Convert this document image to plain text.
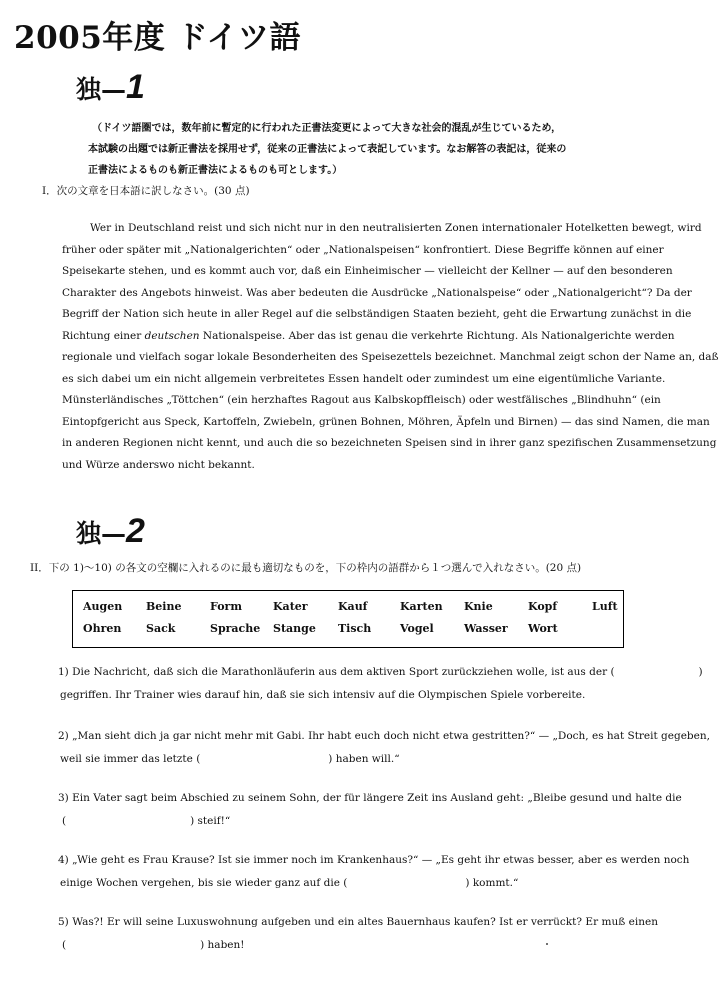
2005年度 ドイツ語
独—1
（ドイツ語圏では，数年前に暫定的に行われた正書法変更によって大きな社会的混乱が生じているため，
本試験の出題では新正書法を採用せず，従来の正書法によって表記しています。なお解答の表記は，従来の
正書法によるものも新正書法によるものも可とします。）
I．次の文章を日本語に訳しなさい。(30 点)
Wer in Deutschland reist und sich nicht nur in den neutralisierten Zonen internationaler Hotelketten bewegt, wird
früher oder später mit „Nationalgerichten“ oder „Nationalspeisen“ konfrontiert. Diese Begriffe können auf einer
Speisekarte stehen, und es kommt auch vor, daß ein Einheimischer — vielleicht der Kellner — auf den besonderen
Charakter des Angebots hinweist. Was aber bedeuten die Ausdrücke „Nationalspeise“ oder „Nationalgericht“? Da der
Begriff der Nation sich heute in aller Regel auf die selbständigen Staaten bezieht, geht die Erwartung zunächst in die
Richtung einer deutschen Nationalspeise. Aber das ist genau die verkehrte Richtung. Als Nationalgerichte werden
regionale und vielfach sogar lokale Besonderheiten des Speisezettels bezeichnet. Manchmal zeigt schon der Name an, daß
es sich dabei um ein nicht allgemein verbreitetes Essen handelt oder zumindest um eine eigentümliche Variante.
Münsterländisches „Töttchen“ (ein herzhaftes Ragout aus Kalbskopffleisch) oder westfälisches „Blindhuhn“ (ein
Eintopfgericht aus Speck, Kartoffeln, Zwiebeln, grünen Bohnen, Möhren, Äpfeln und Birnen) — das sind Namen, die man
in anderen Regionen nicht kennt, und auch die so bezeichneten Speisen sind in ihrer ganz spezifischen Zusammensetzung
und Würze anderswo nicht bekannt.
独—2
II．下の 1)～10) の各文の空欄に入れるのに最も適切なものを，下の枠内の語群から１つ選んで入れなさい。(20 点)
Augen Beine	Form	Kater	Kauf	Karten Knie	Kopf	Luft
Ohren Sack	Sprache Stange Tisch	Vogel	Wasser Wort
1) Die Nachricht, daß sich die Marathonläuferin aus dem aktiven Sport zurückziehen wolle, ist aus der (	)
gegriffen. Ihr Trainer wies darauf hin, daß sie sich intensiv auf die Olympischen Spiele vorbereite.
2) „Man sieht dich ja gar nicht mehr mit Gabi. Ihr habt euch doch nicht etwa gestritten?“ — „Doch, es hat Streit gegeben,
weil sie immer das letzte (	) haben will.“
3) Ein Vater sagt beim Abschied zu seinem Sohn, der für längere Zeit ins Ausland geht: „Bleibe gesund und halte die
(	) steif!“
4) „Wie geht es Frau Krause? Ist sie immer noch im Krankenhaus?“ — „Es geht ihr etwas besser, aber es werden noch
einige Wochen vergehen, bis sie wieder ganz auf die (	) kommt.“
5) Was?! Er will seine Luxuswohnung aufgeben und ein altes Bauernhaus kaufen? Ist er verrückt? Er muß einen
(	) haben!
